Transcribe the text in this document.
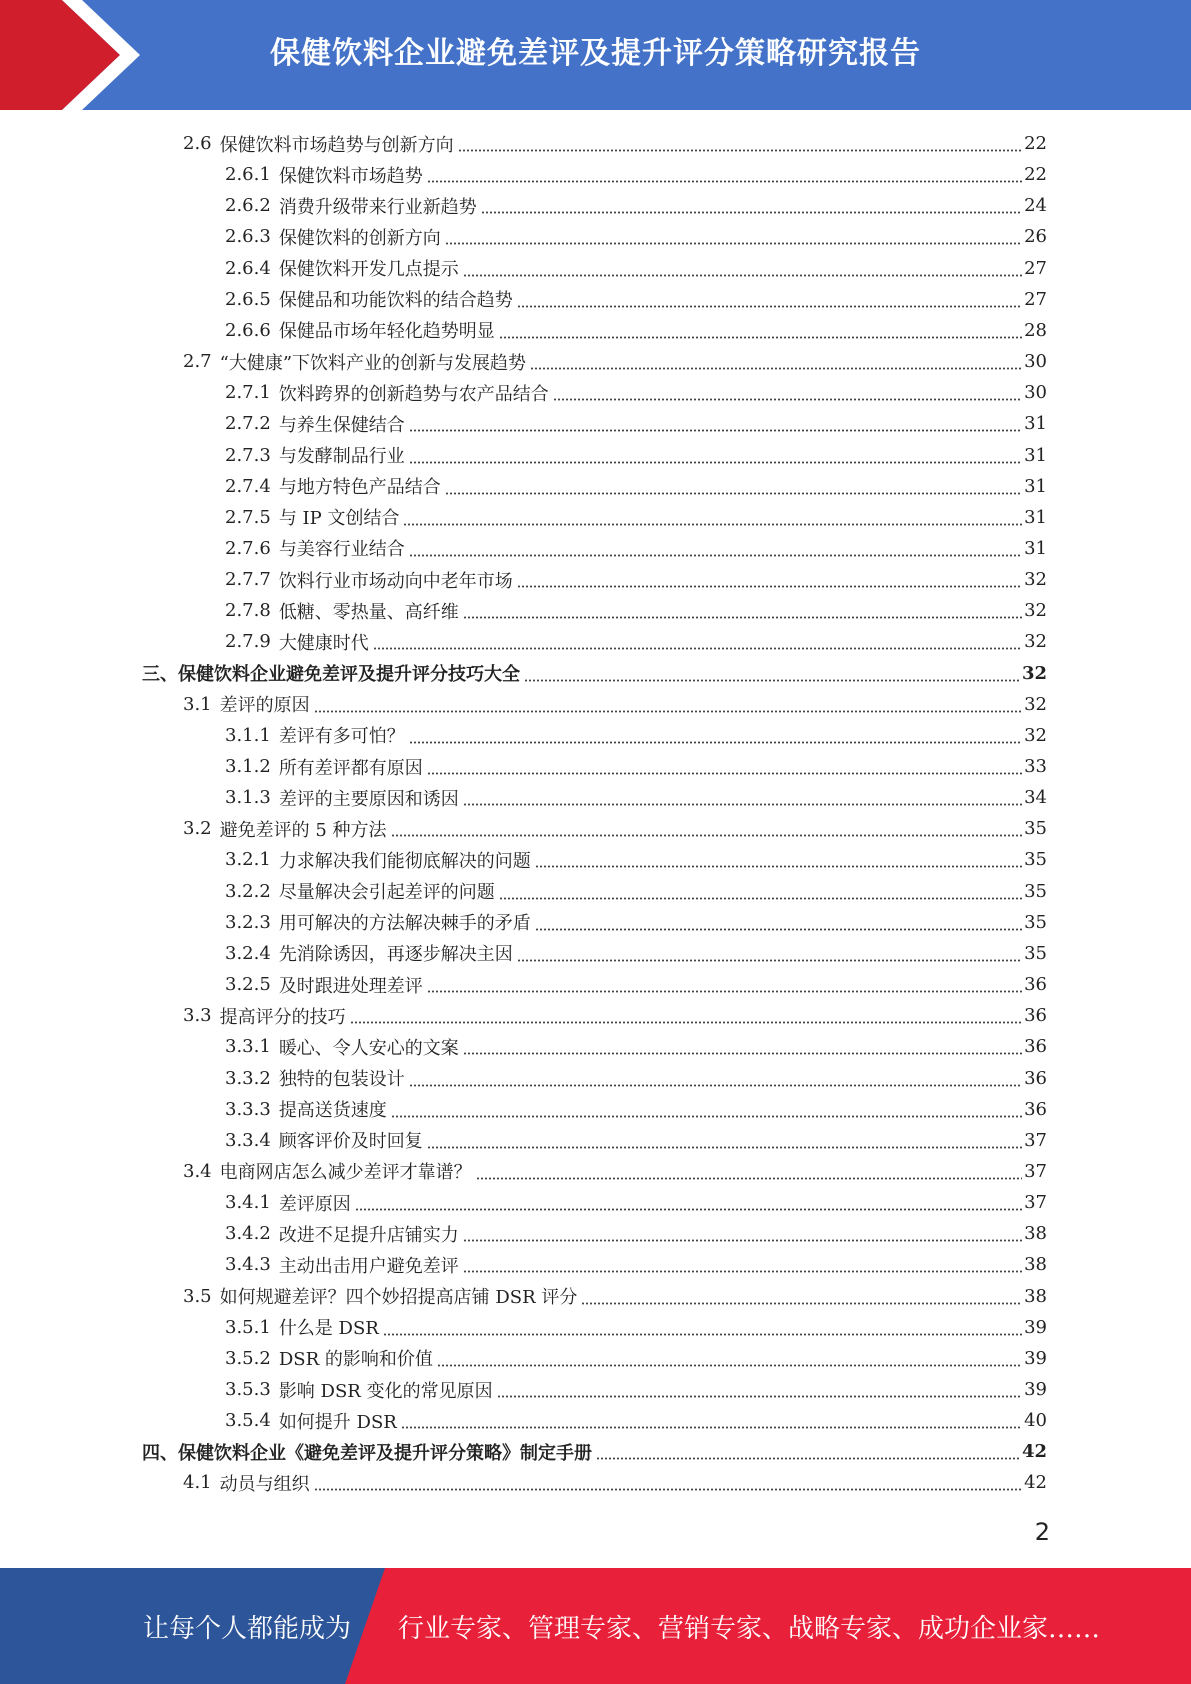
保健饮料企业避免差评及提升评分策略研究报告
2.6 保健饮料市场趋势与创新方向	22
2.6.1 保健饮料市场趋势	22
2.6.2 消费升级带来行业新趋势	24
2.6.3 保健饮料的创新方向	26
2.6.4 保健饮料开发几点提示	27
2.6.5 保健品和功能饮料的结合趋势	27
2.6.6 保健品市场年轻化趋势明显	28
2.7 “大健康”下饮料产业的创新与发展趋势	30
2.7.1 饮料跨界的创新趋势与农产品结合	30
2.7.2 与养生保健结合	31
2.7.3 与发酵制品行业	31
2.7.4 与地方特色产品结合	31
2.7.5 与 IP 文创结合	31
2.7.6 与美容行业结合	31
2.7.7 饮料行业市场动向中老年市场	32
2.7.8 低糖、零热量、高纤维	32
2.7.9 大健康时代	32
三、保健饮料企业避免差评及提升评分技巧大全	32
3.1 差评的原因	32
3.1.1 差评有多可怕？	32
3.1.2 所有差评都有原因	33
3.1.3 差评的主要原因和诱因	34
3.2 避免差评的 5 种方法	35
3.2.1 力求解决我们能彻底解决的问题	35
3.2.2 尽量解决会引起差评的问题	35
3.2.3 用可解决的方法解决棘手的矛盾	35
3.2.4 先消除诱因，再逐步解决主因	35
3.2.5 及时跟进处理差评	36
3.3 提高评分的技巧	36
3.3.1 暖心、令人安心的文案	36
3.3.2 独特的包装设计	36
3.3.3 提高送货速度	36
3.3.4 顾客评价及时回复	37
3.4 电商网店怎么减少差评才靠谱？	37
3.4.1 差评原因	37
3.4.2 改进不足提升店铺实力	38
3.4.3 主动出击用户避免差评	38
3.5 如何规避差评？四个妙招提高店铺 DSR 评分	38
3.5.1 什么是 DSR	39
3.5.2 DSR 的影响和价值	39
3.5.3 影响 DSR 变化的常见原因	39
3.5.4 如何提升 DSR	40
四、保健饮料企业《避免差评及提升评分策略》制定手册	42
4.1 动员与组织	42
2
让每个人都能成为 行业专家、管理专家、营销专家、战略专家、成功企业家……
